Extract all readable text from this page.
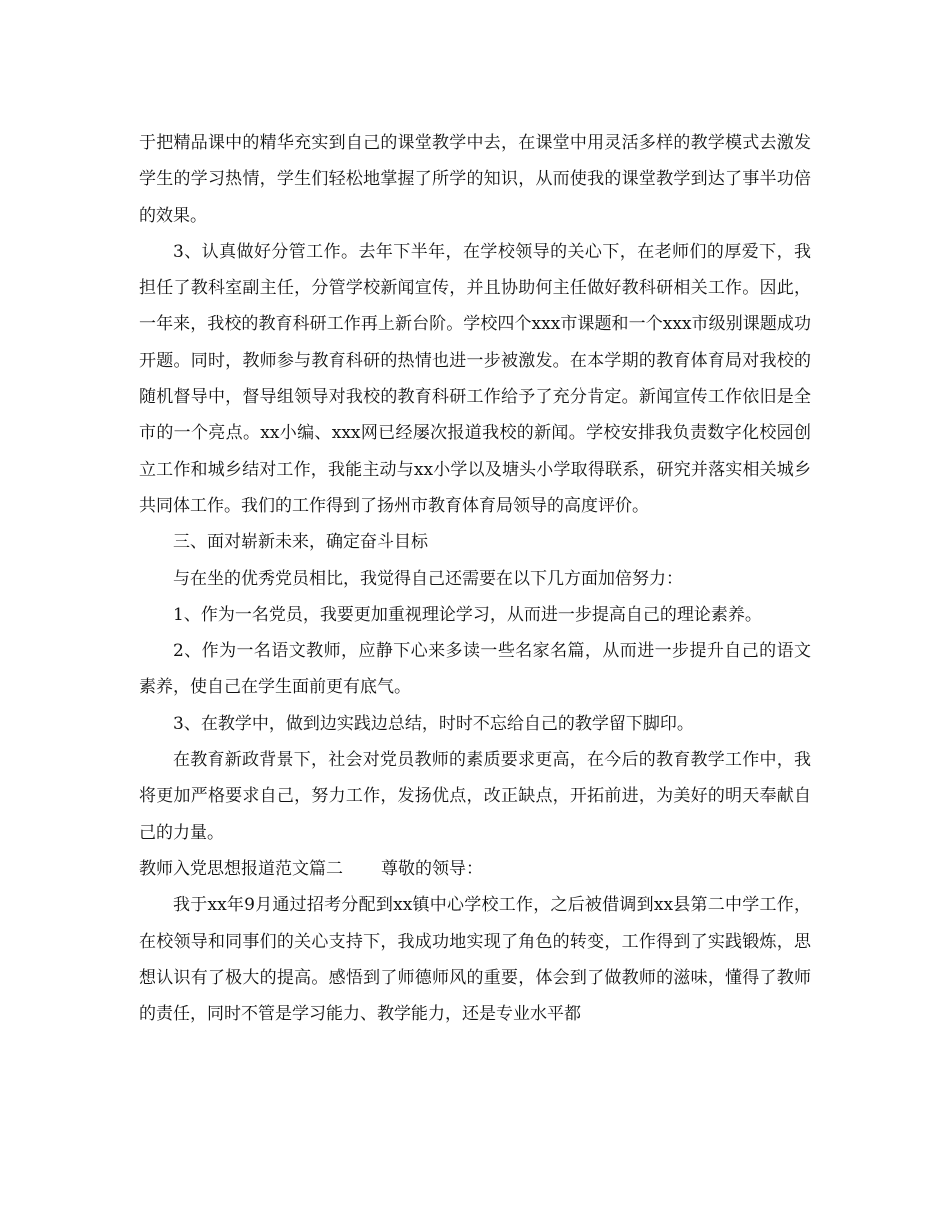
于把精品课中的精华充实到自己的课堂教学中去，在课堂中用灵活多样的教学模式去激发学生的学习热情，学生们轻松地掌握了所学的知识，从而使我的课堂教学到达了事半功倍的效果。

3、认真做好分管工作。去年下半年，在学校领导的关心下，在老师们的厚爱下，我担任了教科室副主任，分管学校新闻宣传，并且协助何主任做好教科研相关工作。因此，一年来，我校的教育科研工作再上新台阶。学校四个xxx市课题和一个xxx市级别课题成功开题。同时，教师参与教育科研的热情也进一步被激发。在本学期的教育体育局对我校的随机督导中，督导组领导对我校的教育科研工作给予了充分肯定。新闻宣传工作依旧是全市的一个亮点。xx小编、xxx网已经屡次报道我校的新闻。学校安排我负责数字化校园创立工作和城乡结对工作，我能主动与xx小学以及塘头小学取得联系，研究并落实相关城乡共同体工作。我们的工作得到了扬州市教育体育局领导的高度评价。

三、面对崭新未来，确定奋斗目标

与在坐的优秀党员相比，我觉得自己还需要在以下几方面加倍努力：

1、作为一名党员，我要更加重视理论学习，从而进一步提高自己的理论素养。

2、作为一名语文教师，应静下心来多读一些名家名篇，从而进一步提升自己的语文素养，使自己在学生面前更有底气。

3、在教学中，做到边实践边总结，时时不忘给自己的教学留下脚印。

在教育新政背景下，社会对党员教师的素质要求更高，在今后的教育教学工作中，我将更加严格要求自己，努力工作，发扬优点，改正缺点，开拓前进，为美好的明天奉献自己的力量。

教师入党思想报道范文篇二 尊敬的领导：

我于xx年9月通过招考分配到xx镇中心学校工作，之后被借调到xx县第二中学工作，在校领导和同事们的关心支持下，我成功地实现了角色的转变，工作得到了实践锻炼，思想认识有了极大的提高。感悟到了师德师风的重要，体会到了做教师的滋味，懂得了教师的责任，同时不管是学习能力、教学能力，还是专业水平都
